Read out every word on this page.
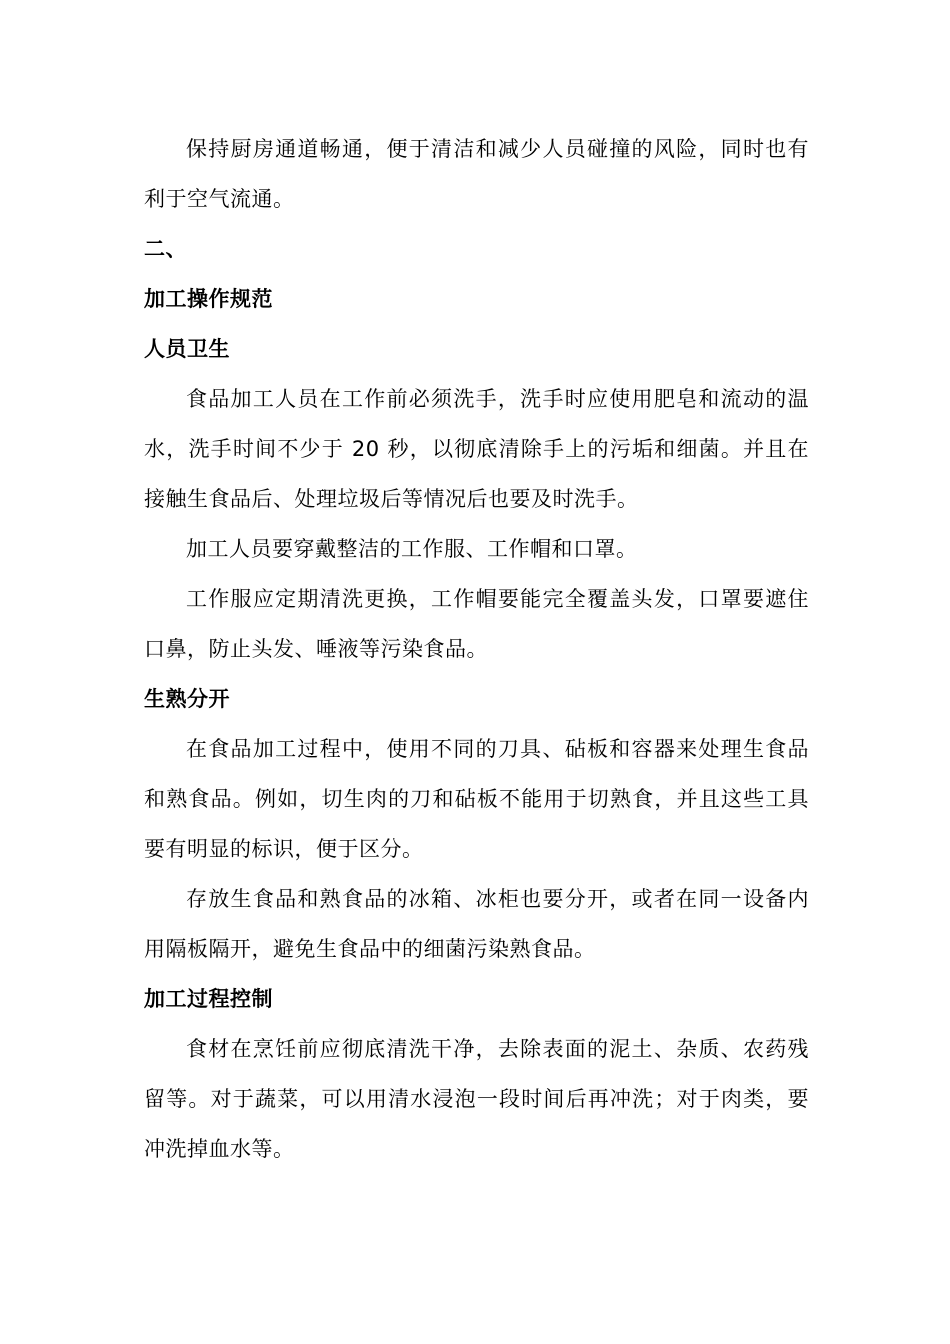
保持厨房通道畅通，便于清洁和减少人员碰撞的风险，同时也有利于空气流通。

二、

加工操作规范

人员卫生

食品加工人员在工作前必须洗手，洗手时应使用肥皂和流动的温水，洗手时间不少于 20 秒，以彻底清除手上的污垢和细菌。并且在接触生食品后、处理垃圾后等情况后也要及时洗手。

加工人员要穿戴整洁的工作服、工作帽和口罩。

工作服应定期清洗更换，工作帽要能完全覆盖头发，口罩要遮住口鼻，防止头发、唾液等污染食品。

生熟分开

在食品加工过程中，使用不同的刀具、砧板和容器来处理生食品和熟食品。例如，切生肉的刀和砧板不能用于切熟食，并且这些工具要有明显的标识，便于区分。

存放生食品和熟食品的冰箱、冰柜也要分开，或者在同一设备内用隔板隔开，避免生食品中的细菌污染熟食品。

加工过程控制

食材在烹饪前应彻底清洗干净，去除表面的泥土、杂质、农药残留等。对于蔬菜，可以用清水浸泡一段时间后再冲洗；对于肉类，要冲洗掉血水等。
